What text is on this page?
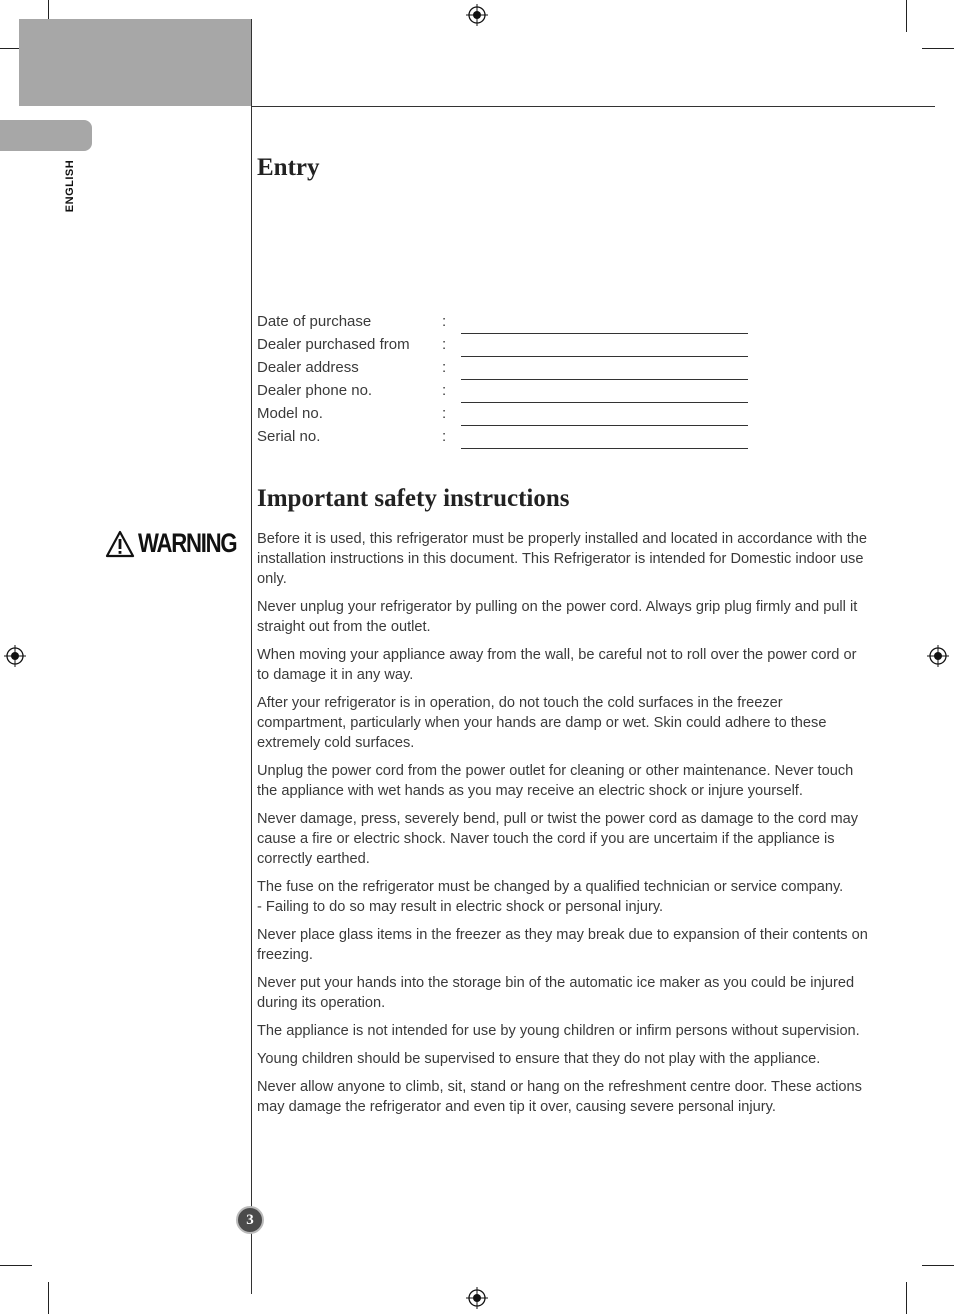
ENGLISH	Entry
Date of purchase	:
Dealer purchased from :
Dealer address	:
Dealer phone no.	:
Model no.	:
Serial no.	:
Important safety instructions
WARNING Before it is used, this refrigerator must be properly installed and located in accordance with the installation instructions in this document. This Refrigerator is intended for Domestic indoor use only.

Never unplug your refrigerator by pulling on the power cord. Always grip plug firmly and pull it straight out from the outlet.

When moving your appliance away from the wall, be careful not to roll over the power cord or to damage it in any way.

After your refrigerator is in operation, do not touch the cold surfaces in the freezer compartment, particularly when your hands are damp or wet. Skin could adhere to these extremely cold surfaces.

Unplug the power cord from the power outlet for cleaning or other maintenance. Never touch the appliance with wet hands as you may receive an electric shock or injure yourself.

Never damage, press, severely bend, pull or twist the power cord as damage to the cord may cause a fire or electric shock. Naver touch the cord if you are uncertaim if the appliance is correctly earthed.

The fuse on the refrigerator must be changed by a qualified technician or service company.
- Failing to do so may result in electric shock or personal injury.

Never place glass items in the freezer as they may break due to expansion of their contents on freezing.

Never put your hands into the storage bin of the automatic ice maker as you could be injured during its operation.

The appliance is not intended for use by young children or infirm persons without supervision.

Young children should be supervised to ensure that they do not play with the appliance.

Never allow anyone to climb, sit, stand or hang on the refreshment centre door. These actions may damage the refrigerator and even tip it over, causing severe personal injury.

3
